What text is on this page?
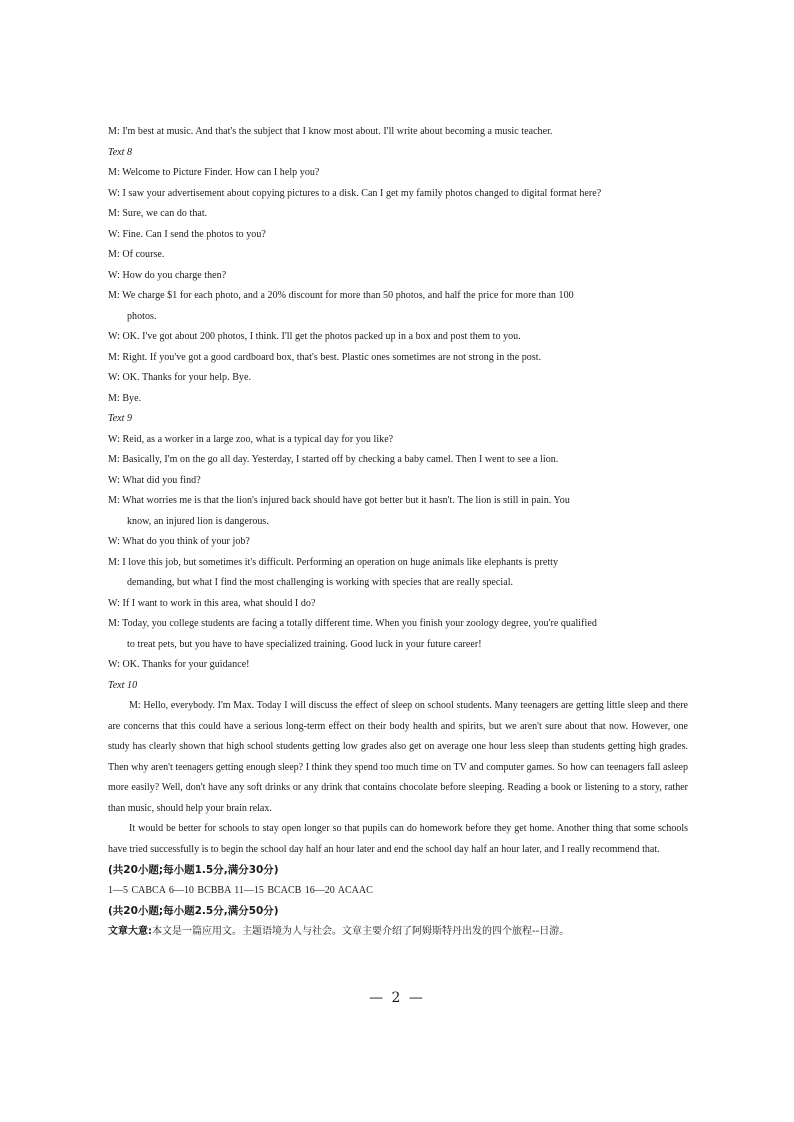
M: I'm best at music. And that's the subject that I know most about. I'll write about becoming a music teacher.
Text 8
M: Welcome to Picture Finder. How can I help you?
W: I saw your advertisement about copying pictures to a disk. Can I get my family photos changed to digital format here?
M: Sure, we can do that.
W: Fine. Can I send the photos to you?
M: Of course.
W: How do you charge then?
M: We charge $1 for each photo, and a 20% discount for more than 50 photos, and half the price for more than 100
photos.
W: OK. I've got about 200 photos, I think. I'll get the photos packed up in a box and post them to you.
M: Right. If you've got a good cardboard box, that's best. Plastic ones sometimes are not strong in the post.
W: OK. Thanks for your help. Bye.
M: Bye.
Text 9
W: Reid, as a worker in a large zoo, what is a typical day for you like?
M: Basically, I'm on the go all day. Yesterday, I started off by checking a baby camel. Then I went to see a lion.
W: What did you find?
M: What worries me is that the lion's injured back should have got better but it hasn't. The lion is still in pain. You
know, an injured lion is dangerous.
W: What do you think of your job?
M: I love this job, but sometimes it's difficult. Performing an operation on huge animals like elephants is pretty
demanding, but what I find the most challenging is working with species that are really special.
W: If I want to work in this area, what should I do?
M: Today, you college students are facing a totally different time. When you finish your zoology degree, you're qualified
to treat pets, but you have to have specialized training. Good luck in your future career!
W: OK. Thanks for your guidance!
Text 10

M: Hello, everybody. I'm Max. Today I will discuss the effect of sleep on school students. Many teenagers are getting little sleep and there are concerns that this could have a serious long-term effect on their body health and spirits, but we aren't sure about that now. However, one study has clearly shown that high school students getting low grades also get on average one hour less sleep than students getting high grades. Then why aren't teenagers getting enough sleep? I think they spend too much time on TV and computer games. So how can teenagers fall asleep more easily? Well, don't have any soft drinks or any drink that contains chocolate before sleeping. Reading a book or listening to a story, rather than music, should help your brain relax.

It would be better for schools to stay open longer so that pupils can do homework before they get home. Another thing that some schools have tried successfully is to begin the school day half an hour later and end the school day half an hour later, and I really recommend that.

(共20小题;每小题1.5分,满分30分)
1—5 CABCA 6—10 BCBBA 11—15 BCACB 16—20 ACAAC
(共20小题;每小题2.5分,满分50分)
文章大意:本文是一篇应用文。主题语境为人与社会。文章主要介绍了阿姆斯特丹出发的四个旅程--日游。
— 2 —
